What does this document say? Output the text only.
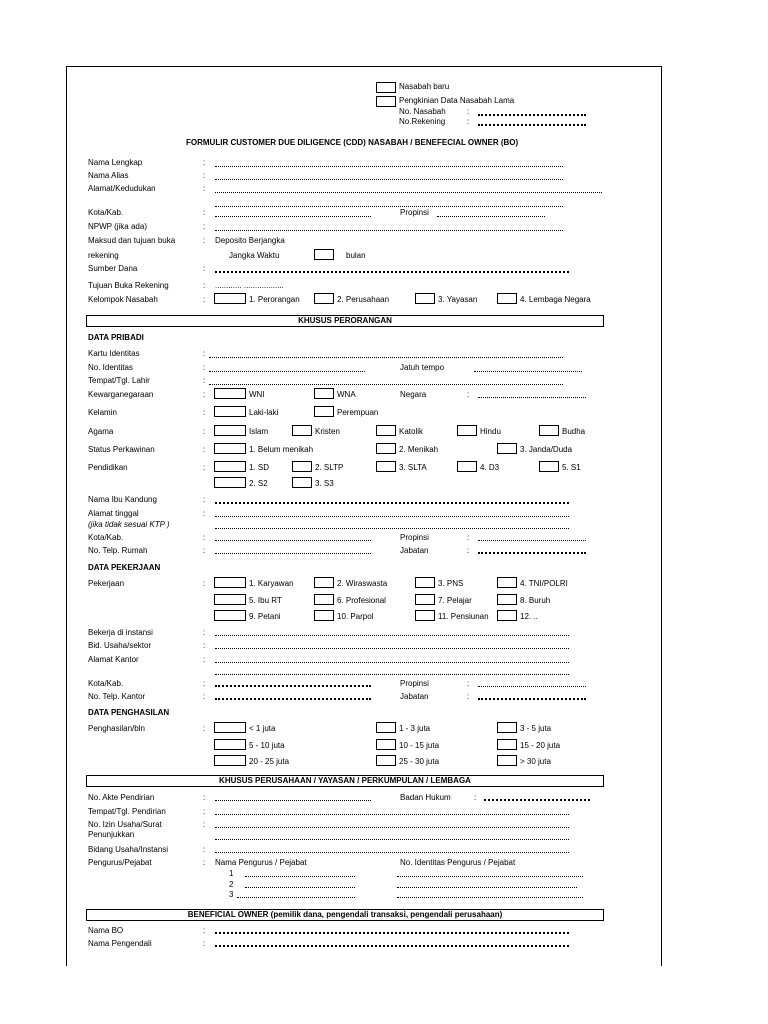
Nasabah baru
Pengkinian Data Nasabah Lama
No. Nasabah	:
No.Rekening	:
FORMULIR CUSTOMER DUE DILIGENCE (CDD) NASABAH / BENEFECIAL OWNER (BO)
Nama Lengkap	:
Nama Alias	:
Alamat/Kedudukan	:
Kota/Kab.	:	Propinsi
NPWP (jika ada)	:
Maksud dan tujuan buka	: Deposito Berjangka
rekening	Jangka Waktu	bulan
Sumber Dana	:
Tujuan Buka Rekening	: ............ ..................
Kelompok Nasabah	:	1. Perorangan	2. Perusahaan	3. Yayasan	4. Lembaga Negara
KHUSUS PERORANGAN
DATA PRIBADI
Kartu Identitas	:
No. Identitas	:	Jatuh tempo
Tempat/Tgl. Lahir	:
Kewarganegaraan	:	WNI	WNA	Negara	:
Kelamin	:	Laki-laki	Perempuan
Agama	:	Islam	Kristen	Katolik	Hindu	Budha
Status Perkawinan	:	1. Belum menikah	2. Menikah	3. Janda/Duda
Pendidikan	:	1. SD	2. SLTP	3. SLTA	4. D3	5. S1
2. S2	3. S3
Nama Ibu Kandung	:
Alamat tinggal	:
(jika tidak sesuai KTP )
Kota/Kab.	:	Propinsi	:
No. Telp. Rumah	:	Jabatan	:
DATA PEKERJAAN
Pekerjaan	:	1. Karyawan	2. Wiraswasta	3. PNS	4. TNI/POLRI
5. Ibu RT	6. Profesional	7. Pelajar	8. Buruh
9. Petani	10. Parpol	11. Pensiunan	12. ..
Bekerja di instansi	:
Bid. Usaha/sektor	:
Alamat Kantor	:
Kota/Kab.	:	Propinsi	:
No. Telp. Kantor	:	Jabatan	:
DATA PENGHASILAN
Penghasilan/bln	:	< 1 juta	1 - 3 juta	3 - 5 juta
5 - 10 juta	10 - 15 juta	15 - 20 juta
20 - 25 juta	25 - 30 juta	> 30 juta
KHUSUS PERUSAHAAN / YAYASAN / PERKUMPULAN / LEMBAGA
No. Akte Pendirian	:	Badan Hukum	:
Tempat/Tgl. Pendirian	:
No. Izin Usaha/Surat	:
Penunjukkan
Bidang Usaha/Instansi	:
Pengurus/Pejabat	: Nama Pengurus / Pejabat	No. Identitas Pengurus / Pejabat
1
2
3
BENEFICIAL OWNER (pemilik dana, pengendali transaksi, pengendali perusahaan)
Nama BO	:
Nama Pengendali	:
